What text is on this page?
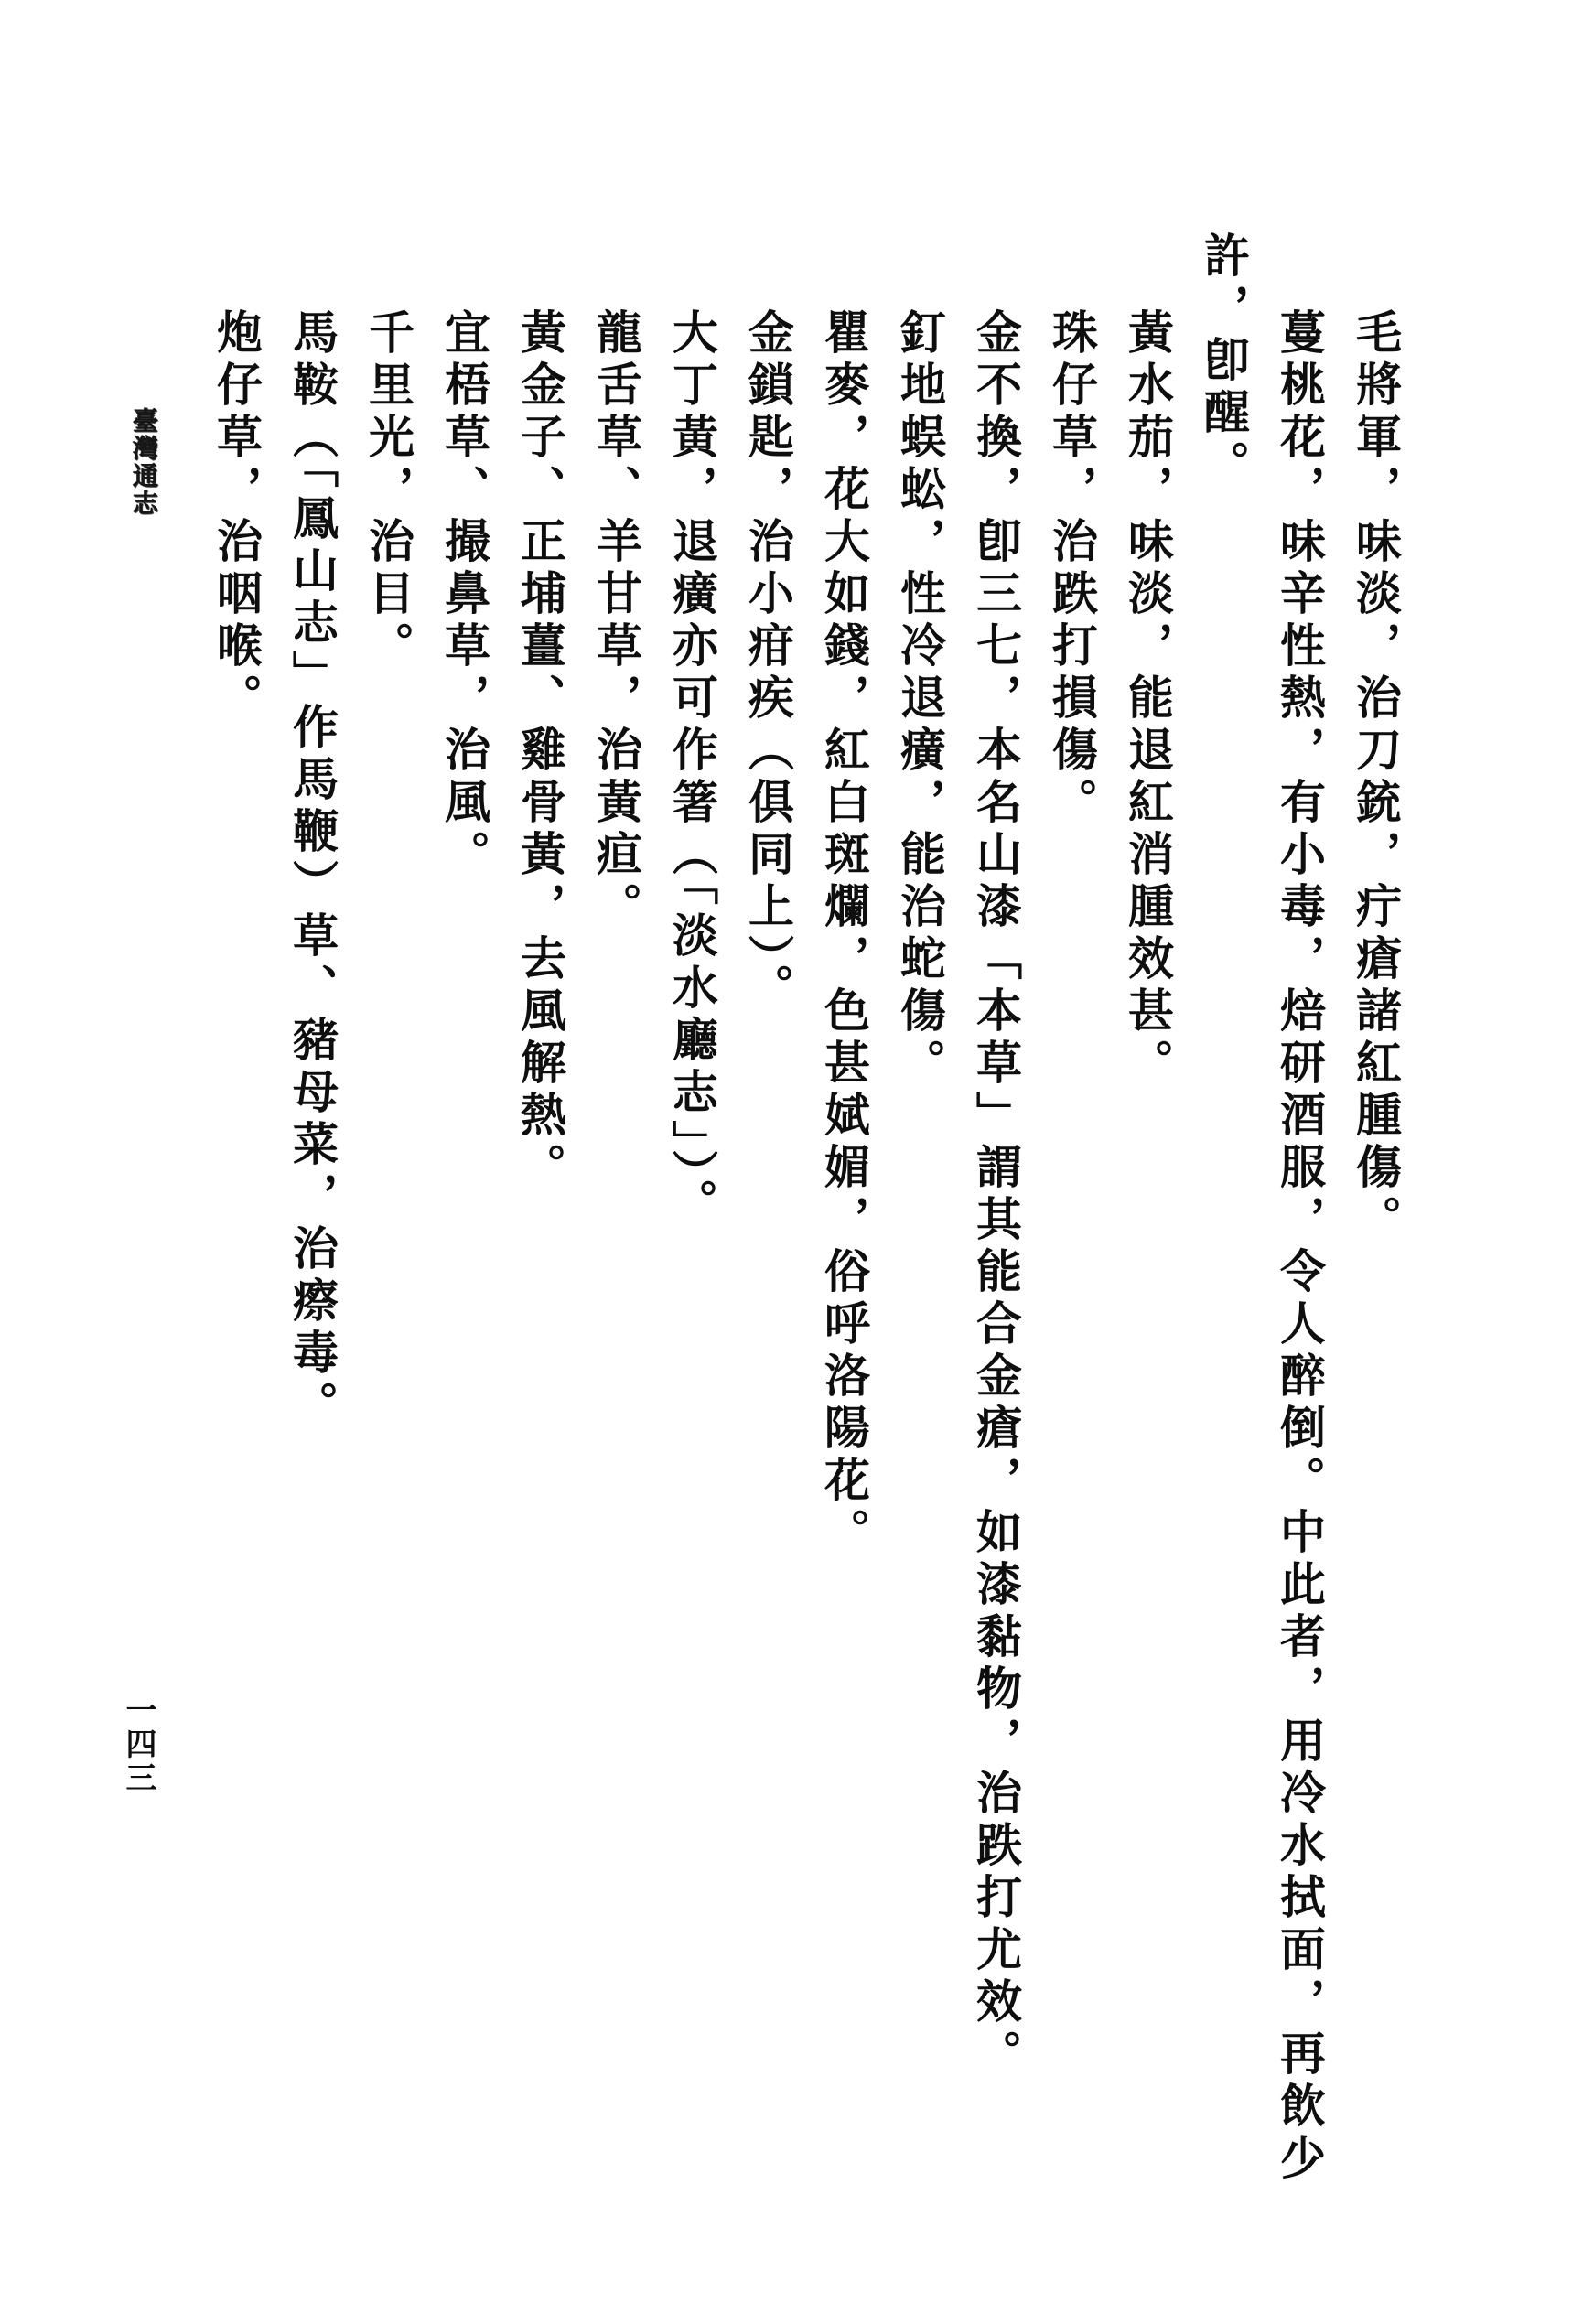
臺灣通志
一四三
毛將軍，味淡，治刀銃，疔瘡諸紅腫傷。
蔓桃花，味辛性熱，有小毒，焙研酒服，令人醉倒。中此者，用冷水拭面，再飲少
許，卽醒。
黃水茄，味淡，能退紅消腫效甚。
珠仔草，治跌打損傷。
金不換，卽三七，本名山漆「本草」謂其能合金瘡，如漆黏物，治跌打尤效。
釘地蜈蚣，性冷退癀，能治蛇傷。
瞿麥，花大如錢，紅白斑爛，色甚娬媚，俗呼洛陽花。
金鎖匙，治小疳疾（俱同上）。
大丁黃，退癀亦可作箸（「淡水廳志」）。
龍舌草、羊甘草，治黃疸。
黃金子、正埔薑、雞骨黃，去風解熱。
宜梧草、撮鼻草，治風。
千里光，治目。
馬鞍（「鳳山志」作馬鞭）草、豬母菜，治瘵毒。
炮仔草，治咽喉。
